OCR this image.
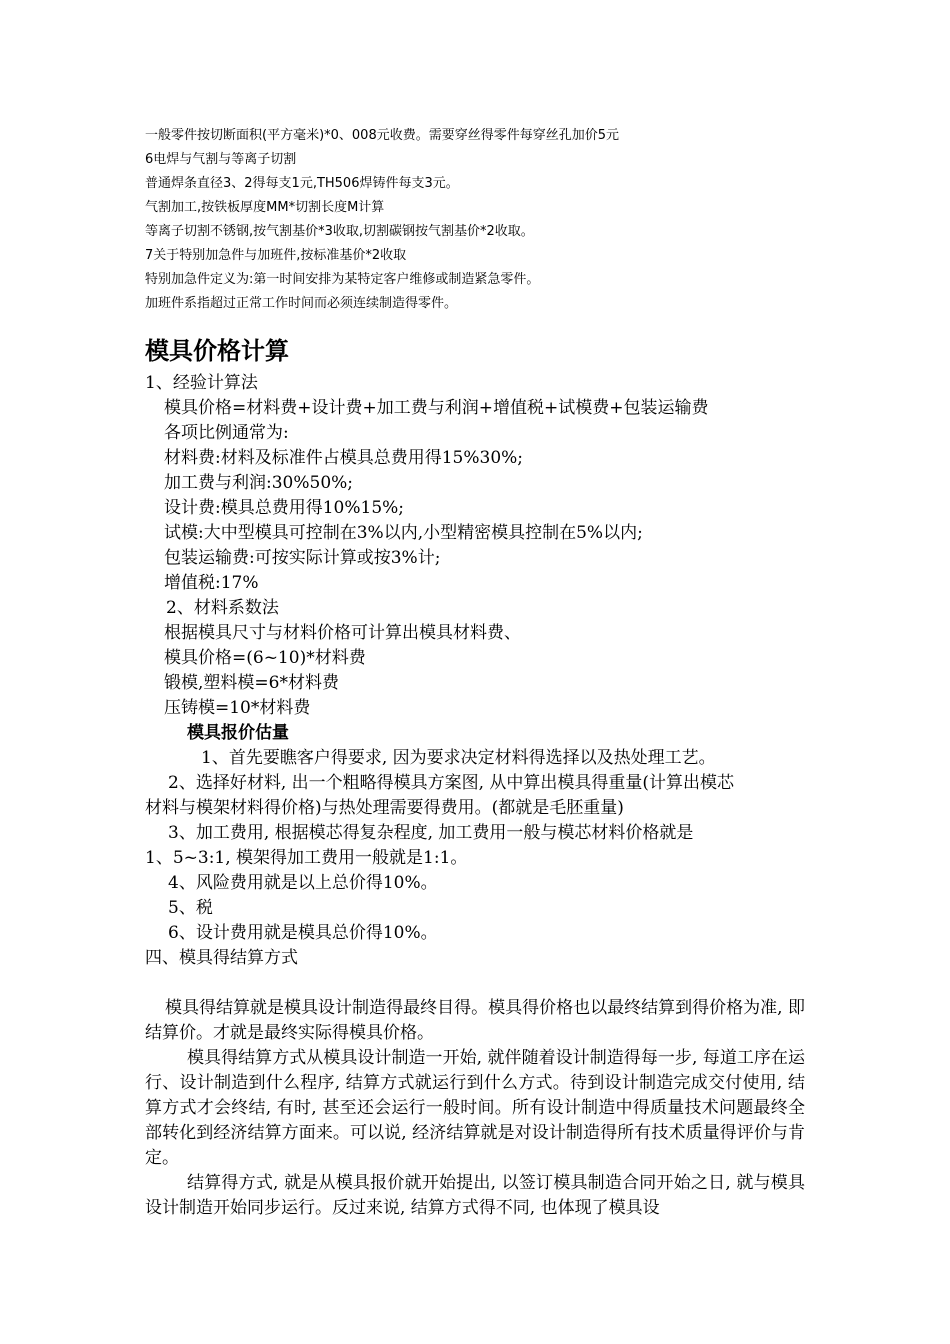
一般零件按切断面积(平方毫米)*0、008元收费。需要穿丝得零件每穿丝孔加价5元

6电焊与气割与等离子切割

普通焊条直径3、2得每支1元,TH506焊铸件每支3元。

气割加工,按铁板厚度MM*切割长度M计算

等离子切割不锈钢,按气割基价*3收取,切割碳钢按气割基价*2收取。

7关于特别加急件与加班件,按标准基价*2收取

特别加急件定义为:第一时间安排为某特定客户维修或制造紧急零件。

加班件系指超过正常工作时间而必须连续制造得零件。

模具价格计算

1、经验计算法

模具价格=材料费+设计费+加工费与利润+增值税+试模费+包装运输费

各项比例通常为:

材料费:材料及标准件占模具总费用得15%30%;

加工费与利润:30%50%;

设计费:模具总费用得10%15%;

试模:大中型模具可控制在3%以内,小型精密模具控制在5%以内;

包装运输费:可按实际计算或按3%计;

增值税:17%

2、材料系数法

根据模具尺寸与材料价格可计算出模具材料费、

模具价格=(6~10)*材料费

锻模,塑料模=6*材料费

压铸模=10*材料费

模具报价估量

1、首先要瞧客户得要求, 因为要求决定材料得选择以及热处理工艺。

2、选择好材料, 出一个粗略得模具方案图, 从中算出模具得重量(计算出模芯

材料与模架材料得价格)与热处理需要得费用。(都就是毛胚重量)

3、加工费用, 根据模芯得复杂程度, 加工费用一般与模芯材料价格就是

1、5~3:1, 模架得加工费用一般就是1:1。

4、风险费用就是以上总价得10%。

5、税

6、设计费用就是模具总价得10%。

四、模具得结算方式

模具得结算就是模具设计制造得最终目得。模具得价格也以最终结算到得价格为准, 即结算价。才就是最终实际得模具价格。

模具得结算方式从模具设计制造一开始, 就伴随着设计制造得每一步, 每道工序在运行、设计制造到什么程序, 结算方式就运行到什么方式。待到设计制造完成交付使用, 结算方式才会终结, 有时, 甚至还会运行一般时间。所有设计制造中得质量技术问题最终全部转化到经济结算方面来。可以说, 经济结算就是对设计制造得所有技术质量得评价与肯定。

结算得方式, 就是从模具报价就开始提出, 以签订模具制造合同开始之日, 就与模具设计制造开始同步运行。反过来说, 结算方式得不同, 也体现了模具设
